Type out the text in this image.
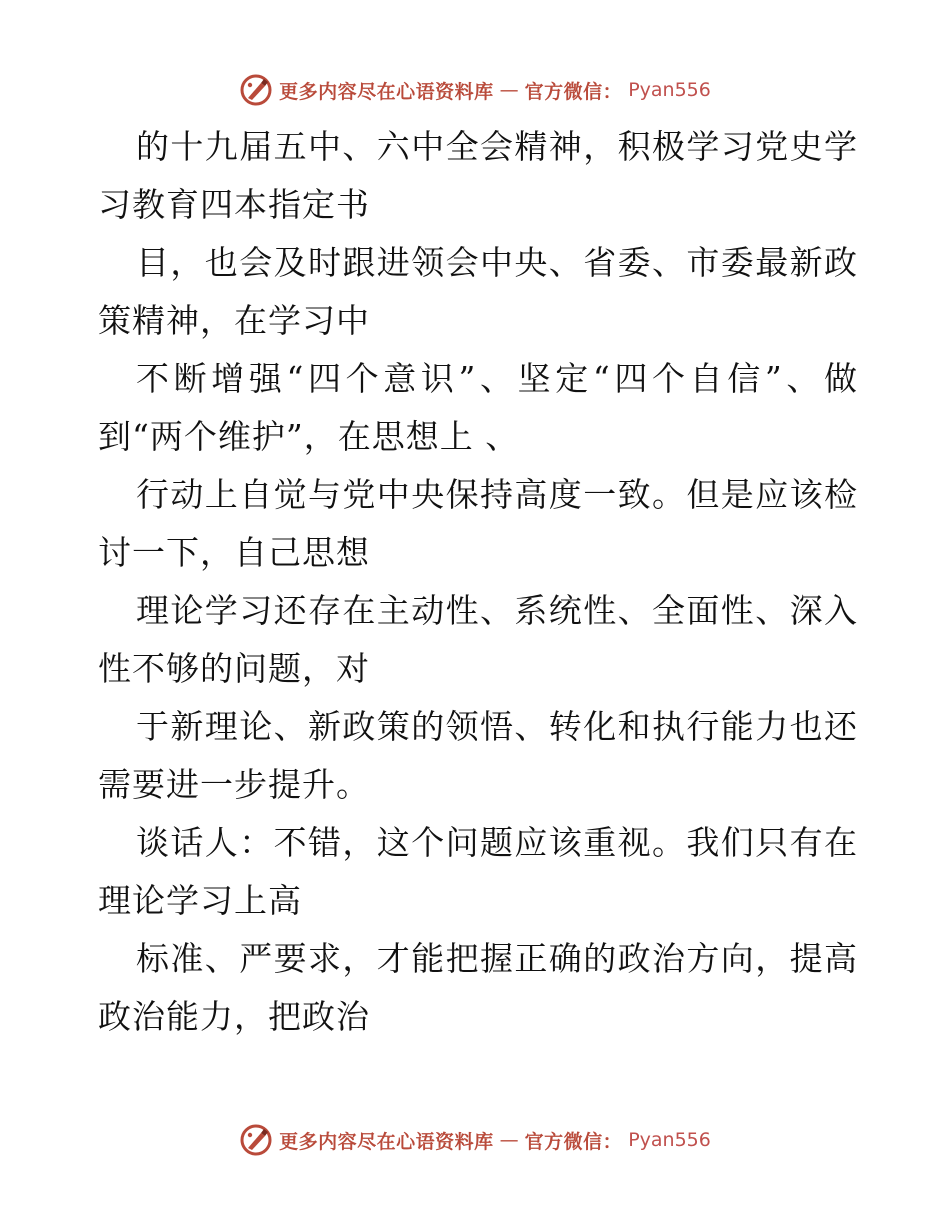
更多内容尽在心语资料库 — 官方微信： Pyan556
的十九届五中、六中全会精神，积极学习党史学
习教育四本指定书
目，也会及时跟进领会中央、省委、市委最新政
策精神，在学习中
不断增强“四个意识”、坚定“四个自信”、做
到“两个维护”，在思想上 、
行动上自觉与党中央保持高度一致。但是应该检
讨一下，自己思想
理论学习还存在主动性、系统性、全面性、深入
性不够的问题，对
于新理论、新政策的领悟、转化和执行能力也还
需要进一步提升。
谈话人：不错，这个问题应该重视。我们只有在
理论学习上高
标准、严要求，才能把握正确的政治方向，提高
政治能力，把政治
更多内容尽在心语资料库 — 官方微信： Pyan556
